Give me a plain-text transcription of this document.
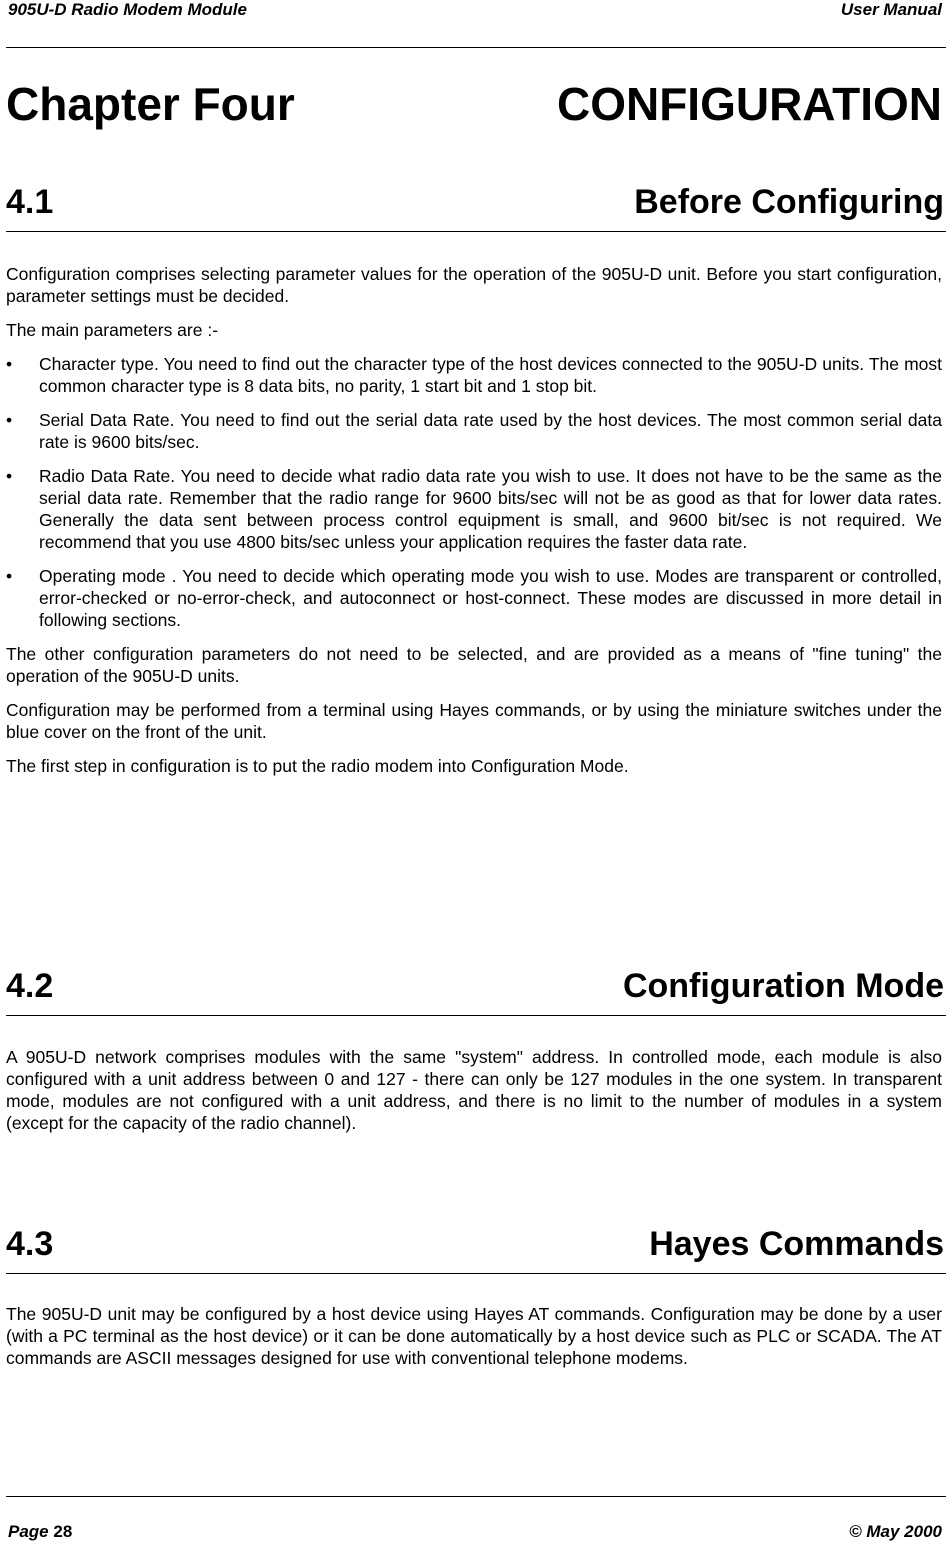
905U-D Radio Modem Module	User Manual
Chapter Four	CONFIGURATION
4.1	Before Configuring

Configuration comprises selecting parameter values for the operation of the 905U-D unit. Before you start configuration, parameter settings must be decided.

The main parameters are :-

• Character type. You need to find out the character type of the host devices connected to the 905U-D units. The most common character type is 8 data bits, no parity, 1 start bit and 1 stop bit.
• Serial Data Rate. You need to find out the serial data rate used by the host devices. The most common serial data rate is 9600 bits/sec.
• Radio Data Rate. You need to decide what radio data rate you wish to use. It does not have to be the same as the serial data rate. Remember that the radio range for 9600 bits/sec will not be as good as that for lower data rates. Generally the data sent between process control equipment is small, and 9600 bit/sec is not required. We recommend that you use 4800 bits/sec unless your application requires the faster data rate.
• Operating mode . You need to decide which operating mode you wish to use. Modes are transparent or controlled, error-checked or no-error-check, and autoconnect or host-connect. These modes are discussed in more detail in following sections.

The other configuration parameters do not need to be selected, and are provided as a means of "fine tuning" the operation of the 905U-D units.

Configuration may be performed from a terminal using Hayes commands, or by using the miniature switches under the blue cover on the front of the unit.

The first step in configuration is to put the radio modem into Configuration Mode.

4.2	Configuration Mode

A 905U-D network comprises modules with the same "system" address. In controlled mode, each module is also configured with a unit address between 0 and 127 - there can only be 127 modules in the one system. In transparent mode, modules are not configured with a unit address, and there is no limit to the number of modules in a system (except for the capacity of the radio channel).

4.3	Hayes Commands

The 905U-D unit may be configured by a host device using Hayes AT commands. Configuration may be done by a user (with a PC terminal as the host device) or it can be done automatically by a host device such as PLC or SCADA. The AT commands are ASCII messages designed for use with conventional telephone modems.

Page 28	© May 2000
